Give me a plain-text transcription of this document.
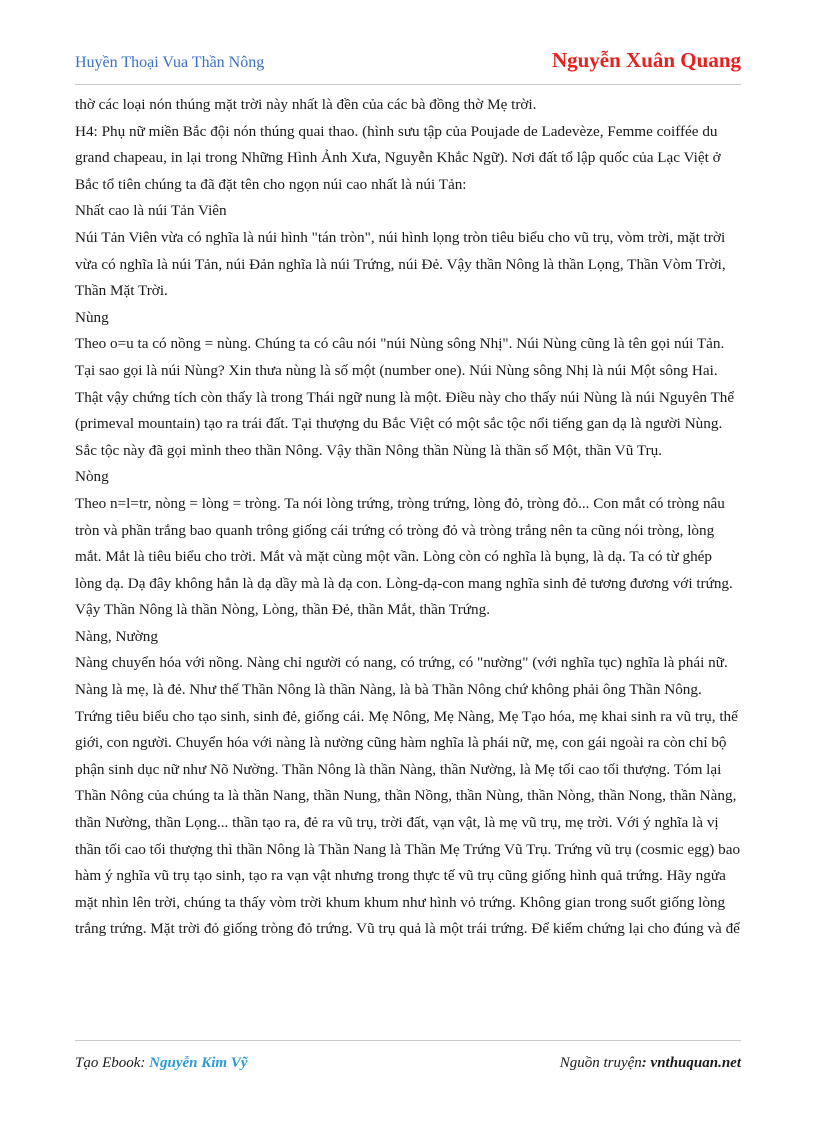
Huyền Thoại Vua Thần Nông	Nguyễn Xuân Quang

thờ các loại nón thúng mặt trời này nhất là đền của các bà đồng thờ Mẹ trời.

H4: Phụ nữ miền Bắc đội nón thúng quai thao. (hình sưu tập của Poujade de Ladevèze, Femme coiffée du grand chapeau, in lại trong Những Hình Ảnh Xưa, Nguyễn Khắc Ngữ). Nơi đất tổ lập quốc của Lạc Việt ở Bắc tổ tiên chúng ta đã đặt tên cho ngọn núi cao nhất là núi Tản:

Nhất cao là núi Tản Viên

Núi Tản Viên vừa có nghĩa là núi hình "tán tròn", núi hình lọng tròn tiêu biểu cho vũ trụ, vòm trời, mặt trời vừa có nghĩa là núi Tản, núi Đản nghĩa là núi Trứng, núi Đẻ. Vậy thần Nông là thần Lọng, Thần Vòm Trời, Thần Mặt Trời.

Nùng

Theo o=u ta có nồng = nùng. Chúng ta có câu nói "núi Nùng sông Nhị". Núi Nùng cũng là tên gọi núi Tản. Tại sao gọi là núi Nùng? Xin thưa nùng là số một (number one). Núi Nùng sông Nhị là núi Một sông Hai. Thật vậy chứng tích còn thấy là trong Thái ngữ nung là một. Điều này cho thấy núi Nùng là núi Nguyên Thể (primeval mountain) tạo ra trái đất. Tại thượng du Bắc Việt có một sắc tộc nổi tiếng gan dạ là người Nùng. Sắc tộc này đã gọi mình theo thần Nông. Vậy thần Nông thần Nùng là thần số Một, thần Vũ Trụ.

Nòng

Theo n=l=tr, nòng = lòng = tròng. Ta nói lòng trứng, tròng trứng, lòng đỏ, tròng đỏ... Con mắt có tròng nâu tròn và phần trắng bao quanh trông giống cái trứng có tròng đỏ và tròng trắng nên ta cũng nói tròng, lòng mắt. Mắt là tiêu biểu cho trời. Mắt và mặt cùng một vần. Lòng còn có nghĩa là bụng, là dạ. Ta có từ ghép lòng dạ. Dạ đây không hẳn là dạ dầy mà là dạ con. Lòng-dạ-con mang nghĩa sinh đẻ tương đương với trứng. Vậy Thần Nông là thần Nòng, Lòng, thần Đẻ, thần Mắt, thần Trứng.

Nàng, Nường

Nàng chuyển hóa với nồng. Nàng chỉ người có nang, có trứng, có "nường" (với nghĩa tục) nghĩa là phái nữ. Nàng là mẹ, là đẻ. Như thế Thần Nông là thần Nàng, là bà Thần Nông chứ không phải ông Thần Nông. Trứng tiêu biểu cho tạo sinh, sinh đẻ, giống cái. Mẹ Nông, Mẹ Nàng, Mẹ Tạo hóa, mẹ khai sinh ra vũ trụ, thế giới, con người. Chuyển hóa với nàng là nường cũng hàm nghĩa là phái nữ, mẹ, con gái ngoài ra còn chỉ bộ phận sinh dục nữ như Nõ Nường. Thần Nông là thần Nàng, thần Nường, là Mẹ tối cao tối thượng. Tóm lại Thần Nông của chúng ta là thần Nang, thần Nung, thần Nồng, thần Nùng, thần Nòng, thần Nong, thần Nàng, thần Nường, thần Lọng... thần tạo ra, đẻ ra vũ trụ, trời đất, vạn vật, là mẹ vũ trụ, mẹ trời. Với ý nghĩa là vị thần tối cao tối thượng thì thần Nông là Thần Nang là Thần Mẹ Trứng Vũ Trụ. Trứng vũ trụ (cosmic egg) bao hàm ý nghĩa vũ trụ tạo sinh, tạo ra vạn vật nhưng trong thực tế vũ trụ cũng giống hình quả trứng. Hãy ngửa mặt nhìn lên trời, chúng ta thấy vòm trời khum khum như hình vỏ trứng. Không gian trong suốt giống lòng trắng trứng. Mặt trời đỏ giống tròng đỏ trứng. Vũ trụ quả là một trái trứng. Để kiểm chứng lại cho đúng và để

Tạo Ebook: Nguyễn Kim Vỹ	Nguồn truyện: vnthuquan.net
